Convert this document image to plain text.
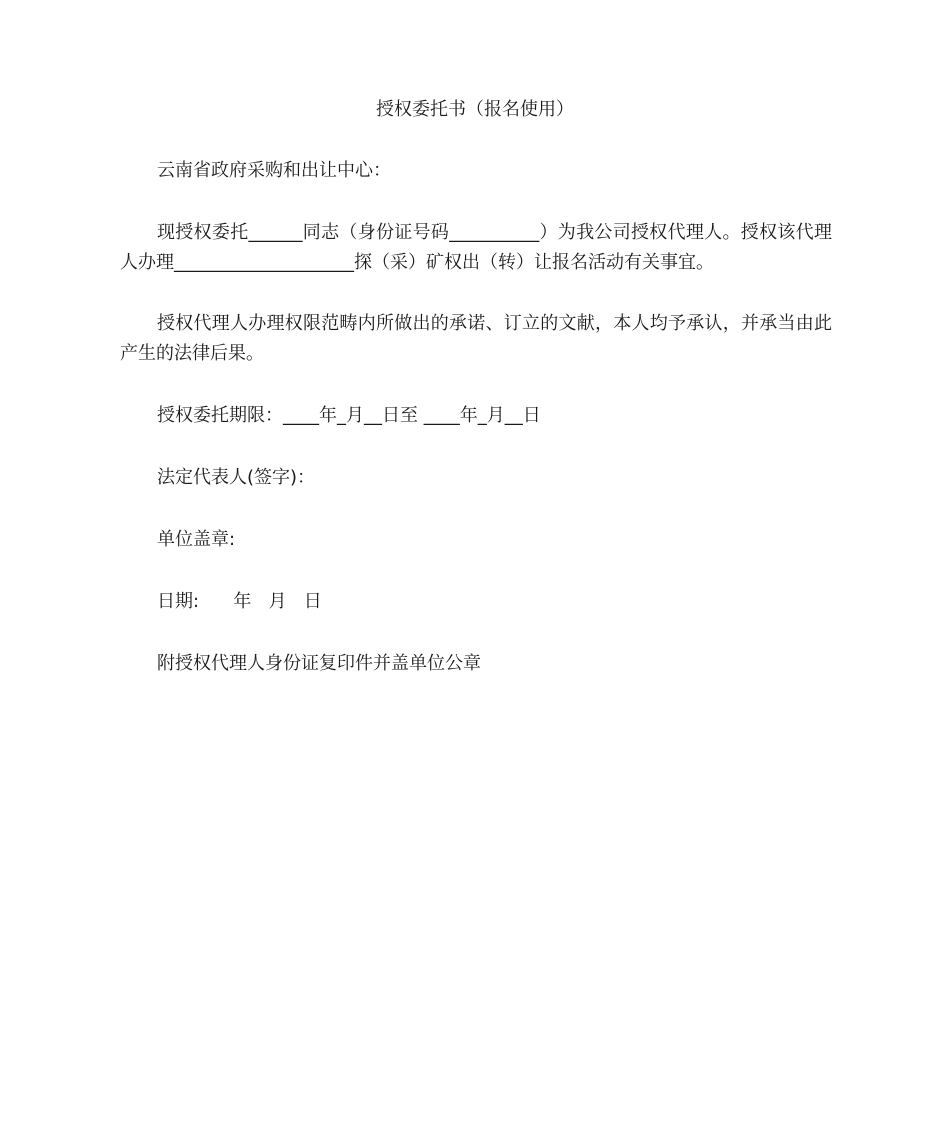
授权委托书（报名使用）
云南省政府采购和出让中心：
现授权委托______同志（身份证号码__________）为我公司授权代理人。授权该代理人办理____________________探（采）矿权出（转）让报名活动有关事宜。
授权代理人办理权限范畴内所做出的承诺、订立的文献，本人均予承认，并承当由此产生的法律后果。
授权委托期限：____年_月__日至 ____年_月__日
法定代表人(签字)：
单位盖章:
日期:      年   月   日
附授权代理人身份证复印件并盖单位公章
